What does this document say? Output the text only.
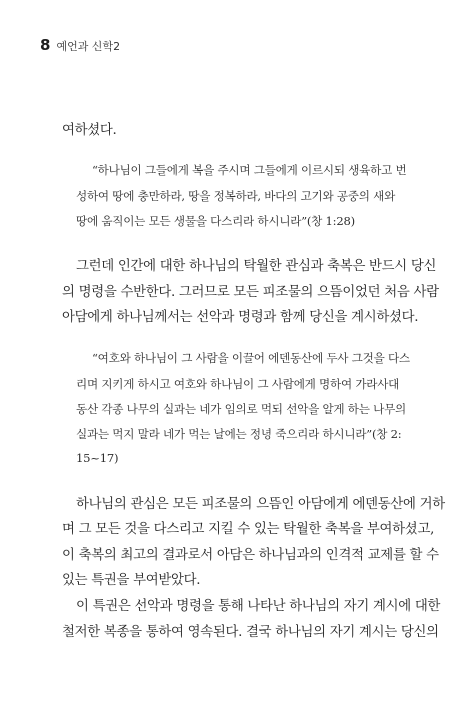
8 예언과 신학2
여하셨다.
“하나님이 그들에게 복을 주시며 그들에게 이르시되 생육하고 번
성하여 땅에 충만하라, 땅을 정복하라, 바다의 고기와 공중의 새와
땅에 움직이는 모든 생물을 다스리라 하시니라”(창 1:28)
그런데 인간에 대한 하나님의 탁월한 관심과 축복은 반드시 당신
의 명령을 수반한다. 그러므로 모든 피조물의 으뜸이었던 처음 사람
아담에게 하나님께서는 선악과 명령과 함께 당신을 계시하셨다.
“여호와 하나님이 그 사람을 이끌어 에덴동산에 두사 그것을 다스
리며 지키게 하시고 여호와 하나님이 그 사람에게 명하여 가라사대
동산 각종 나무의 실과는 네가 임의로 먹되 선악을 알게 하는 나무의
실과는 먹지 말라 네가 먹는 날에는 정녕 죽으리라 하시니라”(창 2:
15~17)
하나님의 관심은 모든 피조물의 으뜸인 아담에게 에덴동산에 거하
며 그 모든 것을 다스리고 지킬 수 있는 탁월한 축복을 부여하셨고,
이 축복의 최고의 결과로서 아담은 하나님과의 인격적 교제를 할 수
있는 특권을 부여받았다.
이 특권은 선악과 명령을 통해 나타난 하나님의 자기 계시에 대한
철저한 복종을 통하여 영속된다. 결국 하나님의 자기 계시는 당신의
